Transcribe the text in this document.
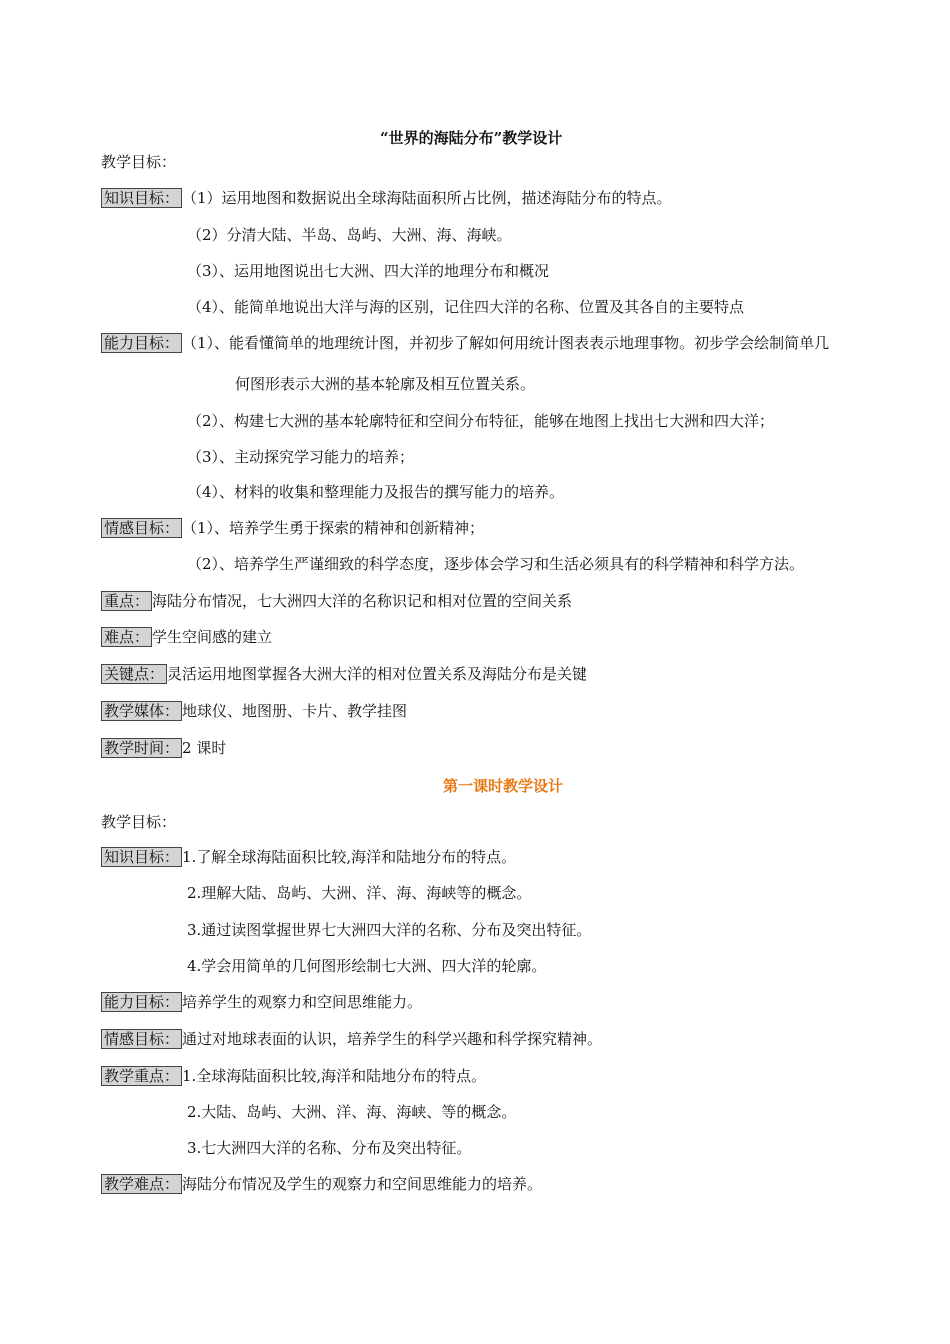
“世界的海陆分布”教学设计
教学目标：
知识目标： （1）运用地图和数据说出全球海陆面积所占比例，描述海陆分布的特点。
（2）分清大陆、半岛、岛屿、大洲、海、海峡。
（3）、运用地图说出七大洲、四大洋的地理分布和概况
（4）、能简单地说出大洋与海的区别，记住四大洋的名称、位置及其各自的主要特点
能力目标： （1）、能看懂简单的地理统计图，并初步了解如何用统计图表表示地理事物。初步学会绘制简单几
何图形表示大洲的基本轮廓及相互位置关系。
（2）、构建七大洲的基本轮廓特征和空间分布特征，能够在地图上找出七大洲和四大洋；
（3）、主动探究学习能力的培养；
（4）、材料的收集和整理能力及报告的撰写能力的培养。
情感目标： （1）、培养学生勇于探索的精神和创新精神；
（2）、培养学生严谨细致的科学态度，逐步体会学习和生活必须具有的科学精神和科学方法。
重点： 海陆分布情况，七大洲四大洋的名称识记和相对位置的空间关系
难点： 学生空间感的建立
关键点： 灵活运用地图掌握各大洲大洋的相对位置关系及海陆分布是关键
教学媒体： 地球仪、地图册、卡片、教学挂图
教学时间： 2 课时
第一课时教学设计
教学目标：
知识目标： 1.了解全球海陆面积比较,海洋和陆地分布的特点。
2.理解大陆、岛屿、大洲、洋、海、海峡等的概念。
3.通过读图掌握世界七大洲四大洋的名称、分布及突出特征。
4.学会用简单的几何图形绘制七大洲、四大洋的轮廓。
能力目标： 培养学生的观察力和空间思维能力。
情感目标： 通过对地球表面的认识，培养学生的科学兴趣和科学探究精神。
教学重点： 1.全球海陆面积比较,海洋和陆地分布的特点。
2.大陆、岛屿、大洲、洋、海、海峡、等的概念。
3.七大洲四大洋的名称、分布及突出特征。
教学难点： 海陆分布情况及学生的观察力和空间思维能力的培养。
